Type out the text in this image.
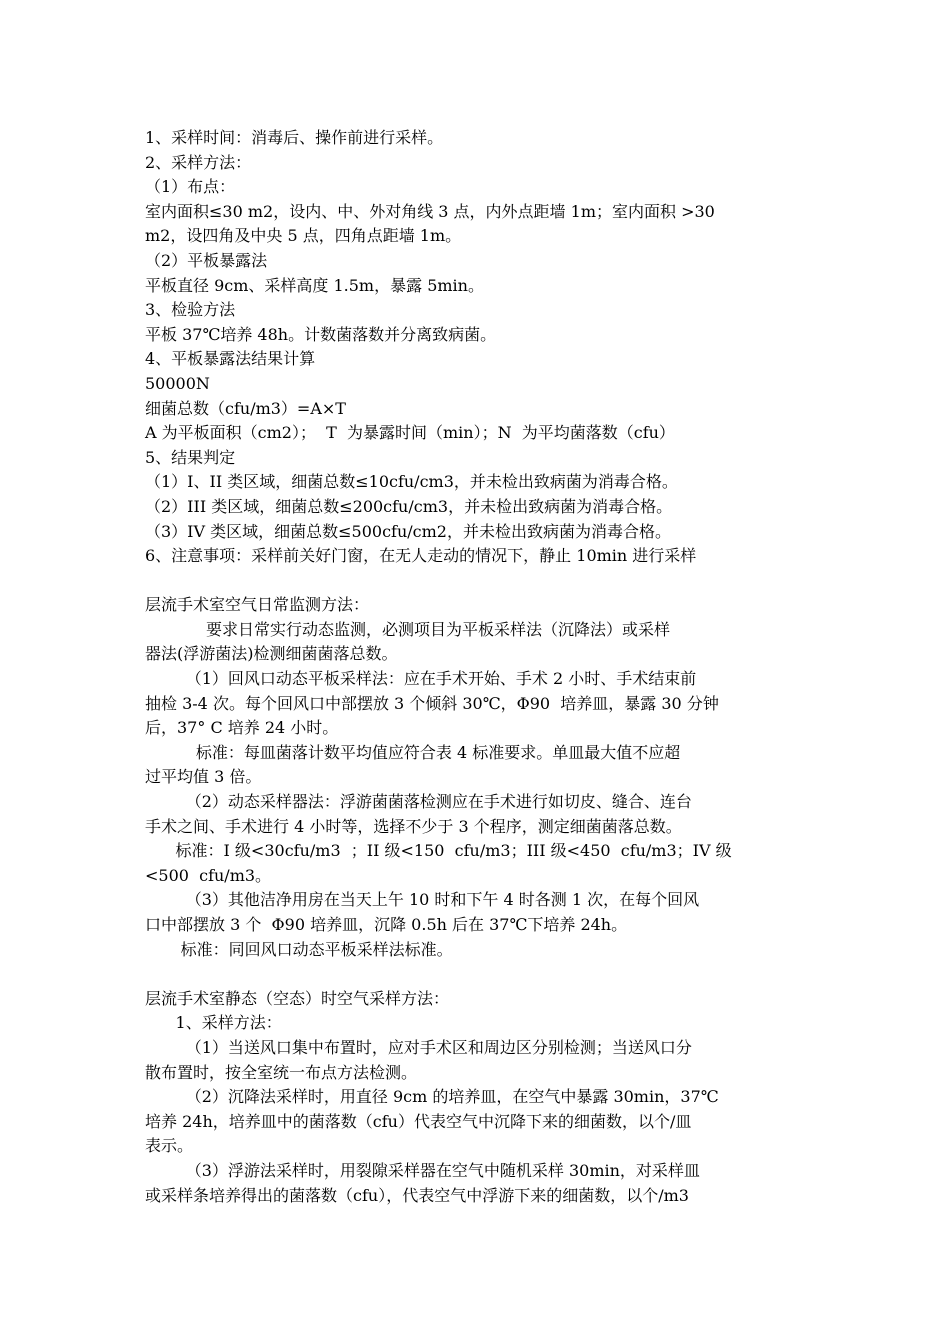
1、采样时间：消毒后、操作前进行采样。
2、采样方法：
（1）布点：
室内面积≤30 m2，设内、中、外对角线 3 点，内外点距墙 1m；室内面积 >30
m2，设四角及中央 5 点，四角点距墙 1m。
（2）平板暴露法
平板直径 9cm、采样高度 1.5m，暴露 5min。
3、检验方法
平板 37℃培养 48h。计数菌落数并分离致病菌。
4、平板暴露法结果计算
50000N
细菌总数（cfu/m3）=A×T
A 为平板面积（cm2）；  T  为暴露时间（min）；N  为平均菌落数（cfu）
5、结果判定
（1）I、II 类区域，细菌总数≤10cfu/cm3，并未检出致病菌为消毒合格。
（2）III 类区域，细菌总数≤200cfu/cm3，并未检出致病菌为消毒合格。
（3）IV 类区域，细菌总数≤500cfu/cm2，并未检出致病菌为消毒合格。
6、注意事项：采样前关好门窗，在无人走动的情况下，静止 10min 进行采样
层流手术室空气日常监测方法：
要求日常实行动态监测，必测项目为平板采样法（沉降法）或采样
器法(浮游菌法)检测细菌菌落总数。
（1）回风口动态平板采样法：应在手术开始、手术 2 小时、手术结束前
抽检 3-4 次。每个回风口中部摆放 3 个倾斜 30℃，Φ90  培养皿，暴露 30 分钟
后，37° C 培养 24 小时。
标准：每皿菌落计数平均值应符合表 4 标准要求。单皿最大值不应超
过平均值 3 倍。
（2）动态采样器法：浮游菌菌落检测应在手术进行如切皮、缝合、连台
手术之间、手术进行 4 小时等，选择不少于 3 个程序，测定细菌菌落总数。
标准：I 级<30cfu/m3  ；II 级<150  cfu/m3；III 级<450  cfu/m3；IV 级
<500  cfu/m3。
（3）其他洁净用房在当天上午 10 时和下午 4 时各测 1 次，在每个回风
口中部摆放 3 个  Φ90 培养皿，沉降 0.5h 后在 37℃下培养 24h。
标准：同回风口动态平板采样法标准。
层流手术室静态（空态）时空气采样方法：
1、采样方法：
（1）当送风口集中布置时，应对手术区和周边区分别检测；当送风口分
散布置时，按全室统一布点方法检测。
（2）沉降法采样时，用直径 9cm 的培养皿，在空气中暴露 30min，37℃
培养 24h，培养皿中的菌落数（cfu）代表空气中沉降下来的细菌数，以个/皿
表示。
（3）浮游法采样时，用裂隙采样器在空气中随机采样 30min，对采样皿
或采样条培养得出的菌落数（cfu），代表空气中浮游下来的细菌数，以个/m3
